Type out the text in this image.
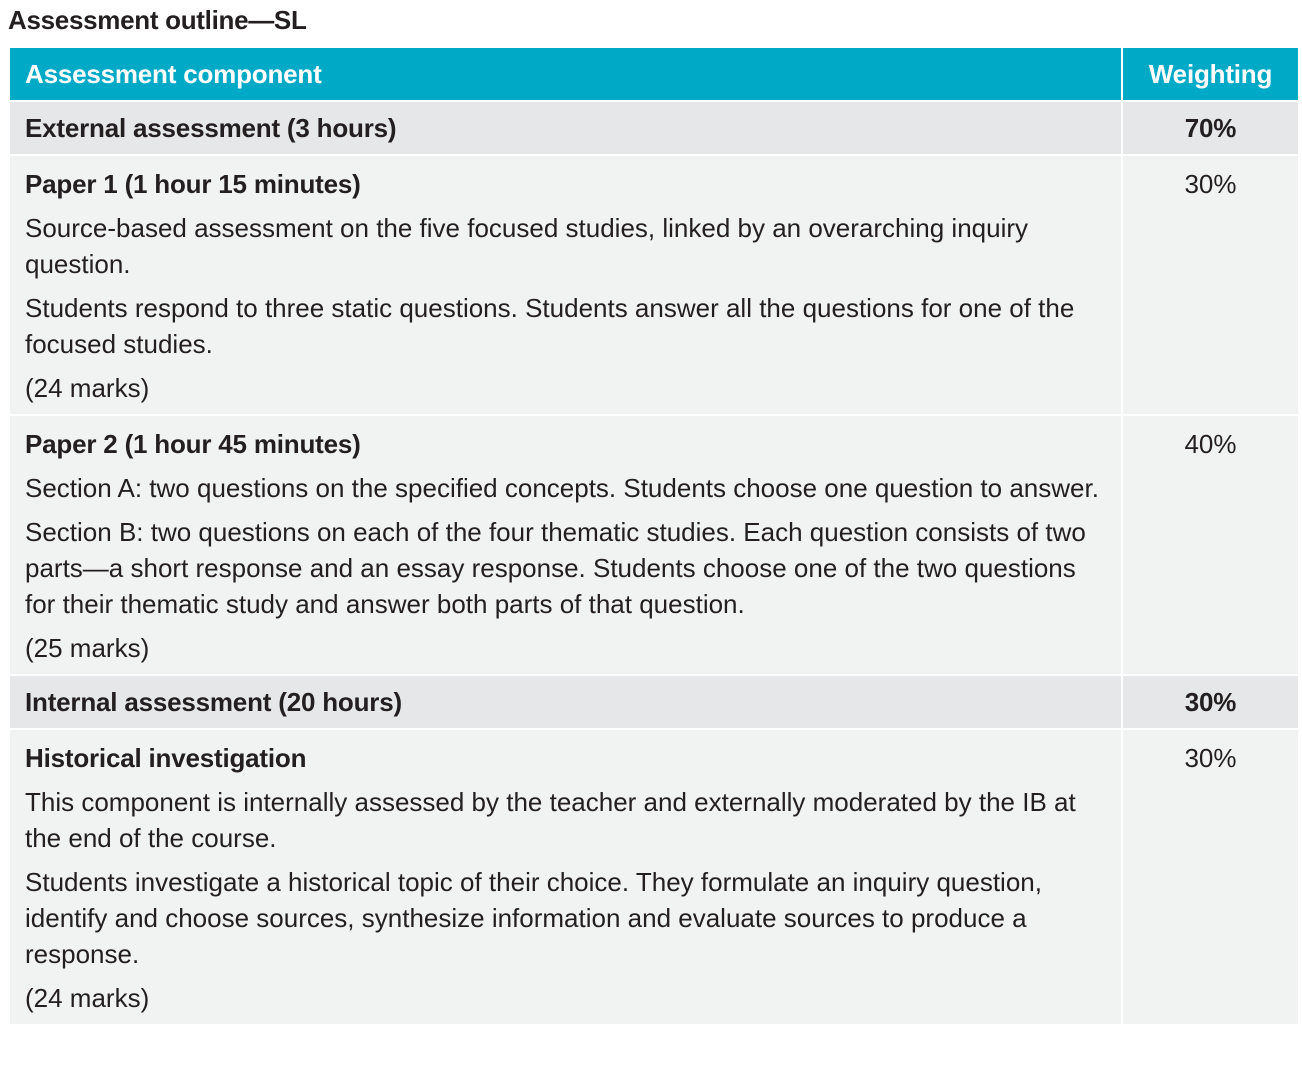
Assessment outline—SL
Assessment component	Weighting
External assessment (3 hours)	70%

Paper 1 (1 hour 15 minutes)
Source-based assessment on the five focused studies, linked by an overarching inquiry question.
Students respond to three static questions. Students answer all the questions for one of the focused studies.
(24 marks)	30%

Paper 2 (1 hour 45 minutes)
Section A: two questions on the specified concepts. Students choose one question to answer.
Section B: two questions on each of the four thematic studies. Each question consists of two parts—a short response and an essay response. Students choose one of the two questions for their thematic study and answer both parts of that question.
(25 marks)	40%
Internal assessment (20 hours)	30%

Historical investigation
This component is internally assessed by the teacher and externally moderated by the IB at the end of the course.
Students investigate a historical topic of their choice. They formulate an inquiry question, identify and choose sources, synthesize information and evaluate sources to produce a response.
(24 marks)	30%
